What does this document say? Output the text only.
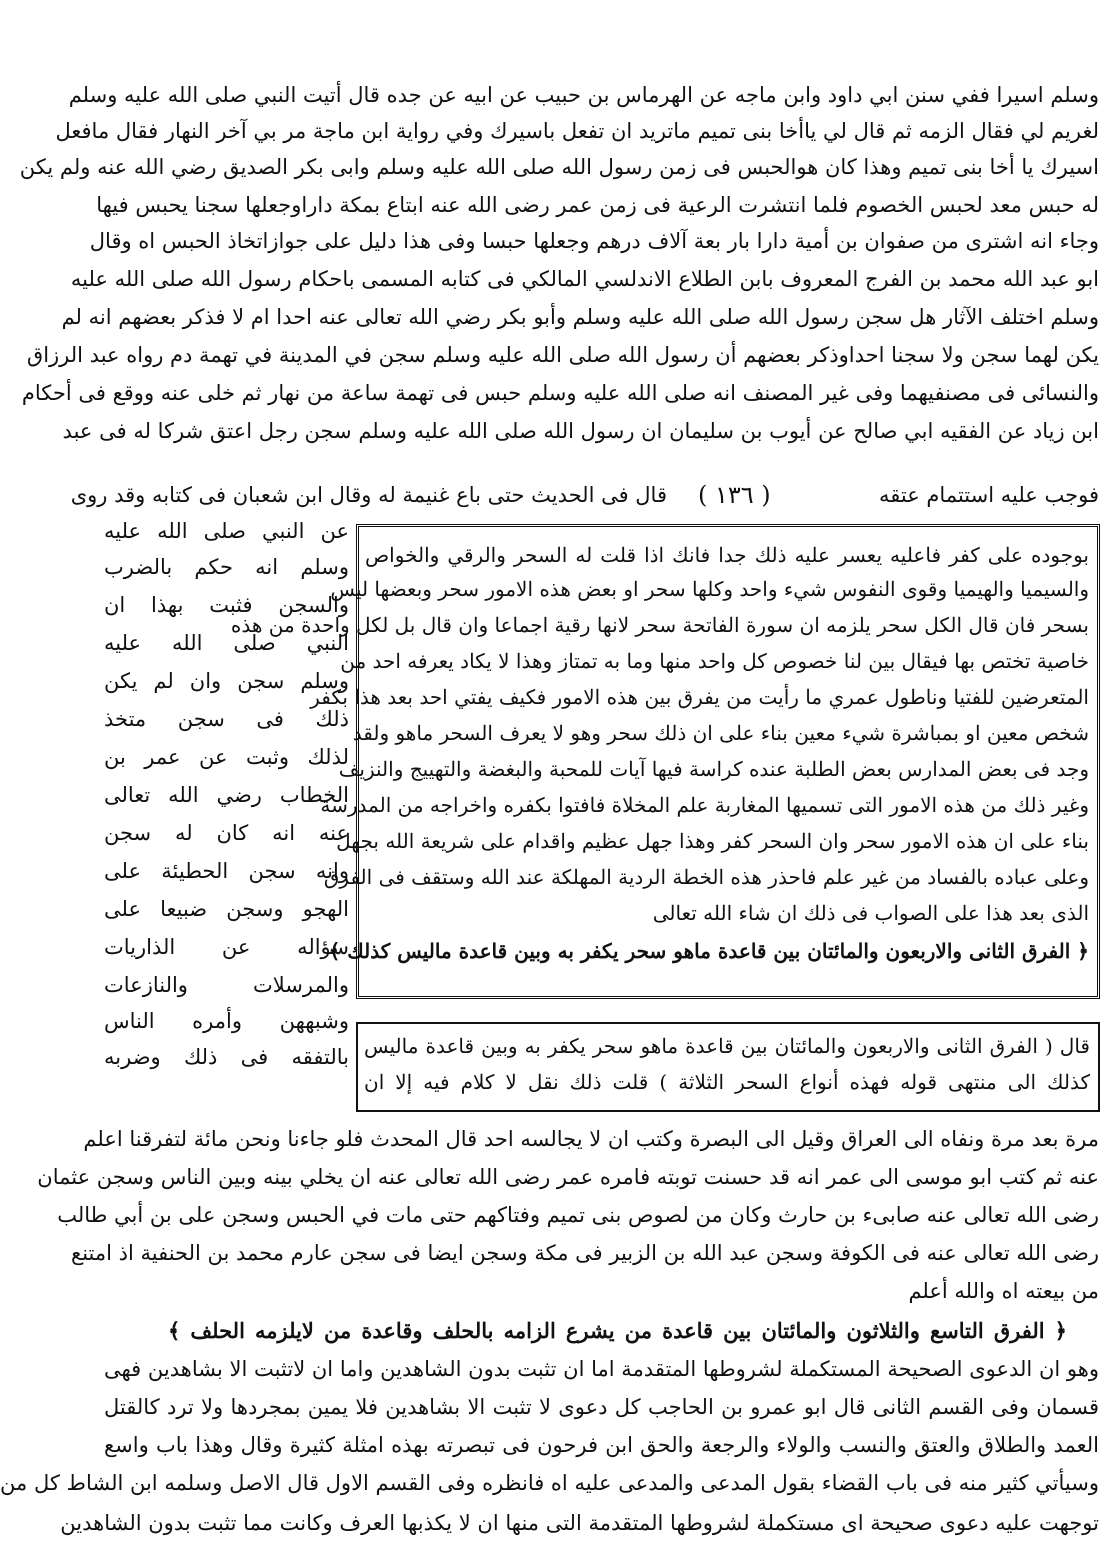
وسلم اسيرا ففي سنن ابي داود وابن ماجه عن الهرماس بن حبيب عن ابيه عن جده قال أتيت النبي صلى الله عليه وسلم
لغريم لي فقال الزمه ثم قال لي ياأخا بنى تميم ماتريد ان تفعل باسيرك وفي رواية ابن ماجة مر بي آخر النهار فقال مافعل
اسيرك يا أخا بنى تميم وهذا كان هوالحبس فى زمن رسول الله صلى الله عليه وسلم وابى بكر الصديق رضي الله عنه ولم يكن
له حبس معد لحبس الخصوم فلما انتشرت الرعية فى زمن عمر رضى الله عنه ابتاع بمكة داراوجعلها سجنا يحبس فيها
وجاء انه اشترى من صفوان بن أمية دارا بار بعة آلاف درهم وجعلها حبسا وفى هذا دليل على جوازاتخاذ الحبس اه وقال
ابو عبد الله محمد بن الفرج المعروف بابن الطلاع الاندلسي المالكي فى كتابه المسمى باحكام رسول الله صلى الله عليه
وسلم اختلف الآثار هل سجن رسول الله صلى الله عليه وسلم وأبو بكر رضي الله تعالى عنه احدا ام لا فذكر بعضهم انه لم
يكن لهما سجن ولا سجنا احداوذكر بعضهم أن رسول الله صلى الله عليه وسلم سجن في المدينة في تهمة دم رواه عبد الرزاق
والنسائى فى مصنفيهما وفى غير المصنف انه صلى الله عليه وسلم حبس فى تهمة ساعة من نهار ثم خلى عنه ووقع فى أحكام
ابن زياد عن الفقيه ابي صالح عن أيوب بن سليمان ان رسول الله صلى الله عليه وسلم سجن رجل اعتق شركا له فى عبد
فوجب عليه استتمام عتقه
( ١٣٦ )
قال فى الحديث حتى باع غنيمة له وقال ابن شعبان فى كتابه وقد روى
عن النبي صلى الله عليه
وسلم انه حكم بالضرب
والسجن فثبت بهذا ان
النبي صلى الله عليه
وسلم سجن وان لم يكن
ذلك فى سجن متخذ
لذلك وثبت عن عمر بن
الخطاب رضي الله تعالى
عنه انه كان له سجن
وانه سجن الحطيئة على
الهجو وسجن ضبيعا على
سؤاله عن الذاريات
والمرسلات والنازعات
وشبههن وأمره الناس
بالتفقه فى ذلك وضربه
بوجوده على كفر فاعليه يعسر عليه ذلك جدا فانك اذا قلت له السحر والرقي والخواص
والسيميا والهيميا وقوى النفوس شيء واحد وكلها سحر او بعض هذه الامور سحر وبعضها ليس
بسحر فان قال الكل سحر يلزمه ان سورة الفاتحة سحر لانها رقية اجماعا وان قال بل لكل واحدة من هذه
خاصية تختص بها فيقال بين لنا خصوص كل واحد منها وما به تمتاز وهذا لا يكاد يعرفه احد من
المتعرضين للفتيا وناطول عمري ما رأيت من يفرق بين هذه الامور فكيف يفتي احد بعد هذا بكفر
شخص معين او بمباشرة شيء معين بناء على ان ذلك سحر وهو لا يعرف السحر ماهو ولقد
وجد فى بعض المدارس بعض الطلبة عنده كراسة فيها آيات للمحبة والبغضة والتهييج والنزيف
وغير ذلك من هذه الامور التى تسميها المغاربة علم المخلاة فافتوا بكفره واخراجه من المدرسة
بناء على ان هذه الامور سحر وان السحر كفر وهذا جهل عظيم واقدام على شريعة الله بجهل
وعلى عباده بالفساد من غير علم فاحذر هذه الخطة الردية المهلكة عند الله وستقف فى الفرق
الذى بعد هذا على الصواب فى ذلك ان شاء الله تعالى
﴿ الفرق الثانى والاربعون والمائتان بين قاعدة ماهو سحر يكفر به وبين قاعدة ماليس كذلك ﴾
قال ( الفرق الثانى والاربعون والمائتان بين قاعدة ماهو سحر يكفر به وبين قاعدة ماليس
كذلك الى منتهى قوله فهذه أنواع السحر الثلاثة ) قلت ذلك نقل لا كلام فيه إلا ان
مرة بعد مرة ونفاه الى العراق وقيل الى البصرة وكتب ان لا يجالسه احد قال المحدث فلو جاءنا ونحن مائة لتفرقنا اعلم
عنه ثم كتب ابو موسى الى عمر انه قد حسنت توبته فامره عمر رضى الله تعالى عنه ان يخلي بينه وبين الناس وسجن عثمان
رضى الله تعالى عنه صابىء بن حارث وكان من لصوص بنى تميم وفتاكهم حتى مات في الحبس وسجن على بن أبي طالب
رضى الله تعالى عنه فى الكوفة وسجن عبد الله بن الزبير فى مكة وسجن ايضا فى سجن عارم محمد بن الحنفية اذ امتنع
من بيعته اه والله أعلم
﴿ الفرق التاسع والثلاثون والمائتان بين قاعدة من يشرع الزامه بالحلف وقاعدة من لايلزمه الحلف ﴾
وهو ان الدعوى الصحيحة المستكملة لشروطها المتقدمة اما ان تثبت بدون الشاهدين واما ان لاتثبت الا بشاهدين فهى
قسمان وفى القسم الثانى قال ابو عمرو بن الحاجب كل دعوى لا تثبت الا بشاهدين فلا يمين بمجردها ولا ترد كالقتل
العمد والطلاق والعتق والنسب والولاء والرجعة والحق ابن فرحون فى تبصرته بهذه امثلة كثيرة وقال وهذا باب واسع
وسيأتي كثير منه فى باب القضاء بقول المدعى والمدعى عليه اه فانظره وفى القسم الاول قال الاصل وسلمه ابن الشاط كل من
توجهت عليه دعوى صحيحة اى مستكملة لشروطها المتقدمة التى منها ان لا يكذبها العرف وكانت مما تثبت بدون الشاهدين
